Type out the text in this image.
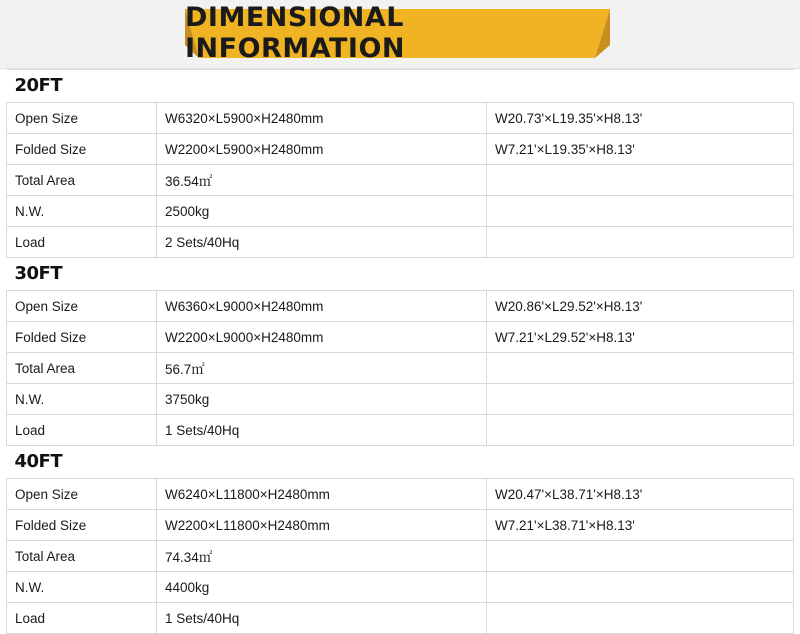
DIMENSIONAL INFORMATION
20FT		
Open Size	W6320×L5900×H2480mm	W20.73'×L19.35'×H8.13'
Folded Size	W2200×L5900×H2480mm	W7.21'×L19.35'×H8.13'
Total Area	36.54㎡	
N.W.	2500kg	
Load	2 Sets/40Hq	
30FT		
Open Size	W6360×L9000×H2480mm	W20.86'×L29.52'×H8.13'
Folded Size	W2200×L9000×H2480mm	W7.21'×L29.52'×H8.13'
Total Area	56.7㎡	
N.W.	3750kg	
Load	1 Sets/40Hq	
40FT		
Open Size	W6240×L11800×H2480mm	W20.47'×L38.71'×H8.13'
Folded Size	W2200×L11800×H2480mm	W7.21'×L38.71'×H8.13'
Total Area	74.34㎡	
N.W.	4400kg	
Load	1 Sets/40Hq	
